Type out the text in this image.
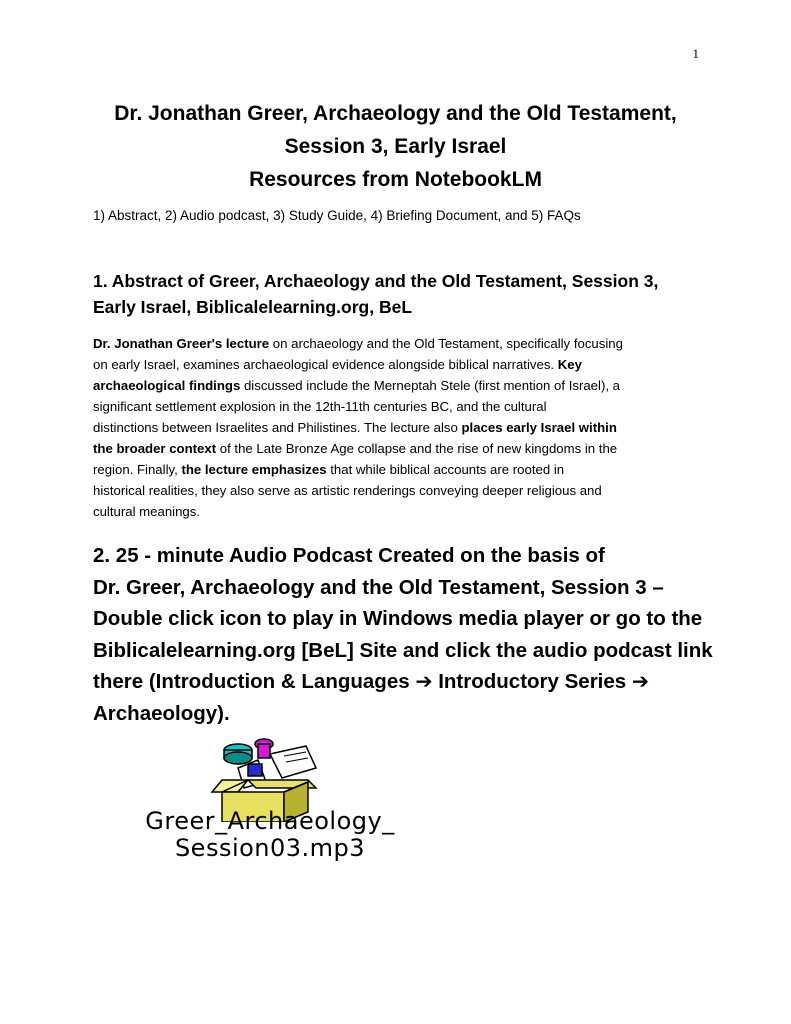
1
Dr. Jonathan Greer, Archaeology and the Old Testament,
Session 3, Early Israel
Resources from NotebookLM
1) Abstract, 2) Audio podcast, 3) Study Guide, 4) Briefing Document, and 5) FAQs
1. Abstract of Greer, Archaeology and the Old Testament, Session 3,
Early Israel, Biblicalelearning.org, BeL

Dr. Jonathan Greer's lecture on archaeology and the Old Testament, specifically focusing

on early Israel, examines archaeological evidence alongside biblical narratives. Key

archaeological findings discussed include the Merneptah Stele (first mention of Israel), a

significant settlement explosion in the 12th-11th centuries BC, and the cultural

distinctions between Israelites and Philistines. The lecture also places early Israel within

the broader context of the Late Bronze Age collapse and the rise of new kingdoms in the

region. Finally, the lecture emphasizes that while biblical accounts are rooted in

historical realities, they also serve as artistic renderings conveying deeper religious and

cultural meanings.

2. 25 - minute Audio Podcast Created on the basis of

Dr. Greer, Archaeology and the Old Testament, Session 3 –

Double click icon to play in Windows media player or go to the

Biblicalelearning.org [BeL] Site and click the audio podcast link

there (Introduction & Languages ➔ Introductory Series ➔

Archaeology).

Greer_Archaeology_
Session03.mp3
